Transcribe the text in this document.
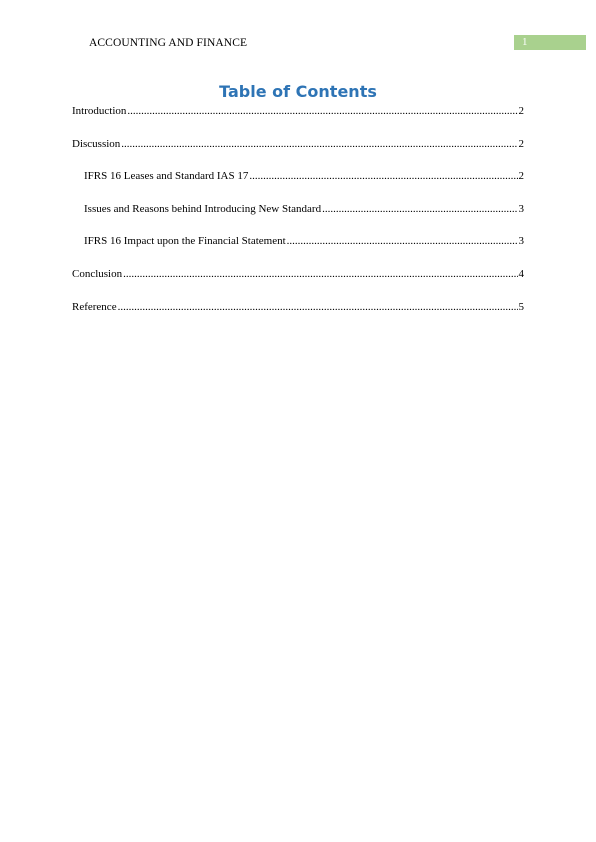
ACCOUNTING AND FINANCE	1
Table of Contents
Introduction .....	2
Discussion .....	2
IFRS 16 Leases and Standard IAS 17 .....	2
Issues and Reasons behind Introducing New Standard .....	3
IFRS 16 Impact upon the Financial Statement .....	3
Conclusion .....	4
Reference .....	5
